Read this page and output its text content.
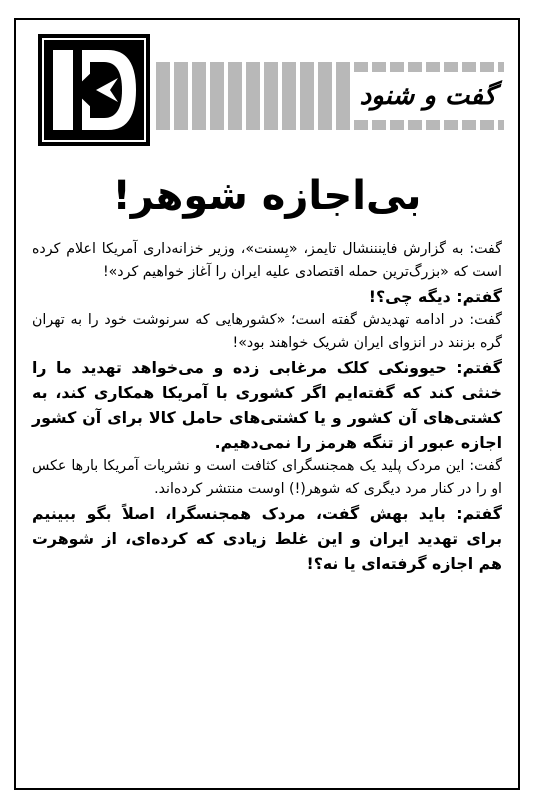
گفت و شنود
بی‌اجازه شوهر!

گفت: به گزارش فاینننشال تایمز، «بِسنت»، وزیر خزانه‌داری آمریکا اعلام کرده است که «بزرگ‌ترین حمله اقتصادی علیه ایران را آغاز خواهیم کرد»!

گفتم: دیگه چی؟!

گفت: در ادامه تهدیدش گفته است؛ «کشورهایی که سرنوشت خود را به تهران گره بزنند در انزوای ایران شریک خواهند بود»!

گفتم: حیوونکی کلک مرغابی زده و می‌خواهد تهدید ما را خنثی کند که گفته‌ایم اگر کشوری با آمریکا همکاری کند، به کشتی‌های آن کشور و یا کشتی‌های حامل کالا برای آن کشور اجازه عبور از تنگه هرمز را نمی‌دهیم.

گفت: این مردک پلید یک همجنسگرای کثافت است و نشریات آمریکا بارها عکس او را در کنار مرد دیگری که شوهر(!) اوست منتشر کرده‌اند.

گفتم: باید بهش گفت، مردک همجنسگرا، اصلاً بگو ببینیم برای تهدید ایران و این غلط زیادی که کرده‌ای، از شوهرت هم اجازه گرفته‌ای یا نه؟!
